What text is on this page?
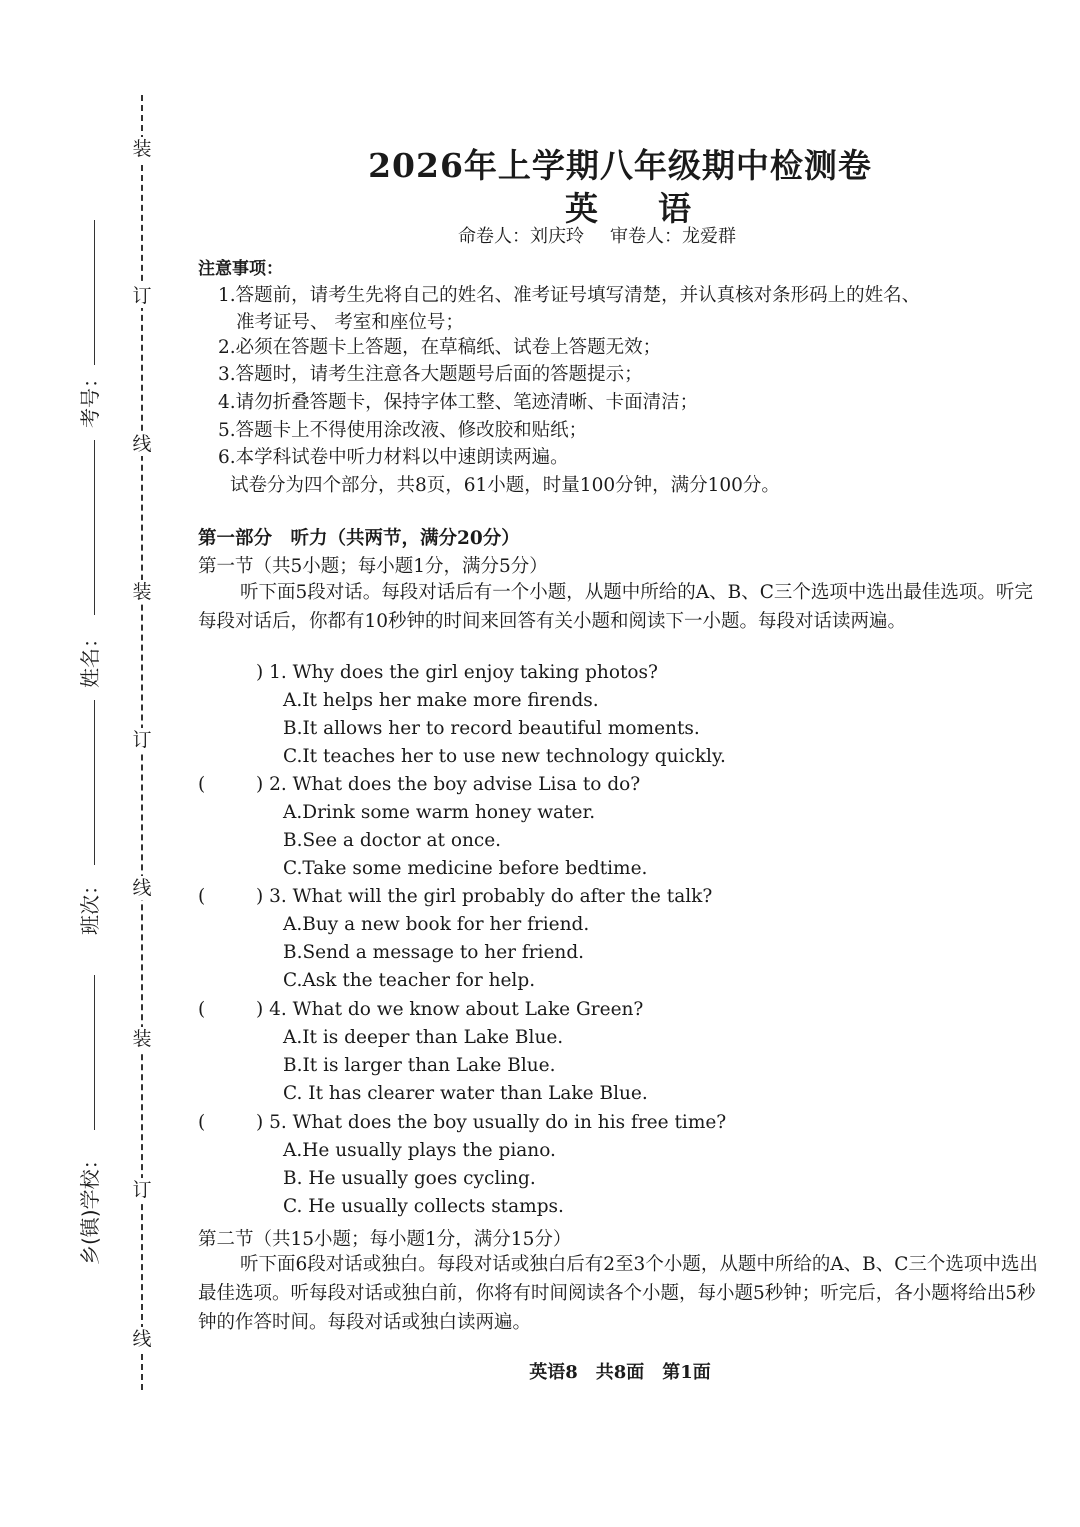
装
订
线
装
订
线
装
订
线
考号：
姓名：
班次：
乡(镇)学校：
2026年上学期八年级期中检测卷
英语
命卷人：刘庆玲 审卷人：龙爱群
注意事项：
1.答题前，请考生先将自己的姓名、准考证号填写清楚，并认真核对条形码上的姓名、
准考证号、 考室和座位号；
2.必须在答题卡上答题，在草稿纸、试卷上答题无效；
3.答题时，请考生注意各大题题号后面的答题提示；
4.请勿折叠答题卡，保持字体工整、笔迹清晰、卡面清洁；
5.答题卡上不得使用涂改液、修改胶和贴纸；
6.本学科试卷中听力材料以中速朗读两遍。
试卷分为四个部分，共8页，61小题，时量100分钟，满分100分。
第一部分　听力（共两节，满分20分）
第一节（共5小题；每小题1分，满分5分）
听下面5段对话。每段对话后有一个小题，从题中所给的A、B、C三个选项中选出最佳选项。听完每段对话后，你都有10秒钟的时间来回答有关小题和阅读下一小题。每段对话读两遍。
) 1. Why does the girl enjoy taking photos?
A.It helps her make more firends.
B.It allows her to record beautiful moments.
C.It teaches her to use new technology quickly.
(	) 2. What does the boy advise Lisa to do?
A.Drink some warm honey water.
B.See a doctor at once.
C.Take some medicine before bedtime.
(	) 3. What will the girl probably do after the talk?
A.Buy a new book for her friend.
B.Send a message to her friend.
C.Ask the teacher for help.
(	) 4. What do we know about Lake Green?
A.It is deeper than Lake Blue.
B.It is larger than Lake Blue.
C. It has clearer water than Lake Blue.
(	) 5. What does the boy usually do in his free time?
A.He usually plays the piano.
B. He usually goes cycling.
C. He usually collects stamps.
第二节（共15小题；每小题1分，满分15分）
听下面6段对话或独白。每段对话或独白后有2至3个小题，从题中所给的A、B、C三个选项中选出最佳选项。听每段对话或独白前，你将有时间阅读各个小题，每小题5秒钟；听完后，各小题将给出5秒钟的作答时间。每段对话或独白读两遍。
英语8　共8面　第1面
